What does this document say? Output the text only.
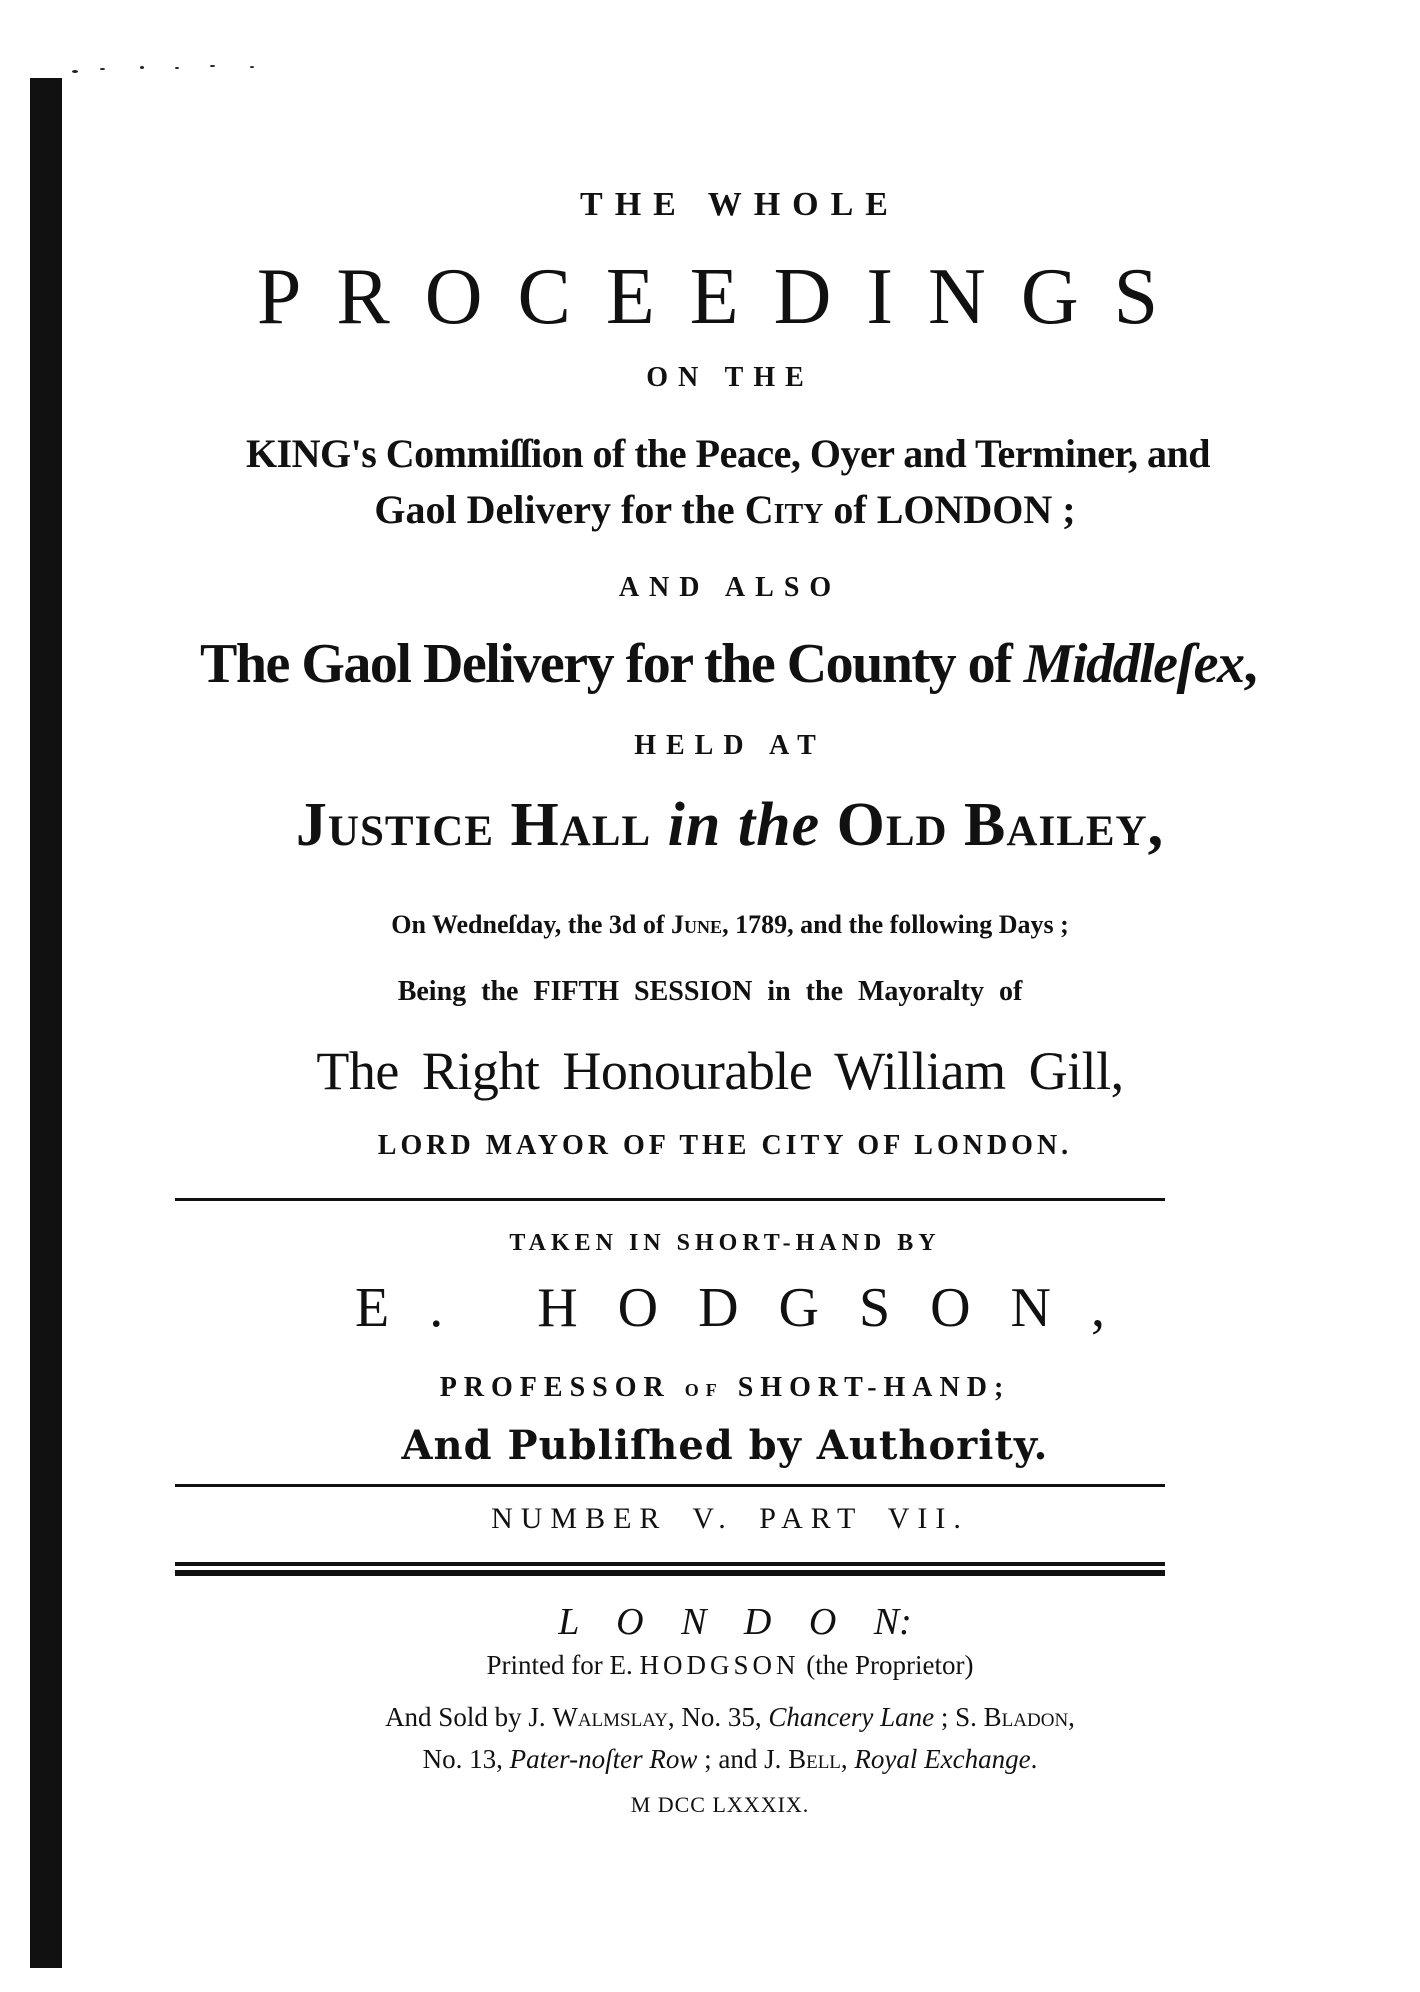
THE WHOLE
PROCEEDINGS
ON THE
KING's Commiſſion of the Peace, Oyer and Terminer, and
Gaol Delivery for the City of LONDON ;
AND ALSO
The Gaol Delivery for the County of Middleſex,
HELD AT
Justice Hall in the Old Bailey,
On Wedneſday, the 3d of June, 1789, and the following Days ;
Being the FIFTH SESSION in the Mayoralty of
The Right Honourable William Gill,
LORD MAYOR OF THE CITY OF LONDON.
TAKEN IN SHORT-HAND BY
E. HODGSON,
PROFESSOR OF SHORT-HAND;
And Publiſhed by Authority.
NUMBER V. PART VII.
L O N D O N:
Printed for E. HODGSON (the Proprietor)
And Sold by J. Walmslay, No. 35, Chancery Lane ; S. Bladon,
No. 13, Pater-noſter Row ; and J. Bell, Royal Exchange.
M DCC LXXXIX.
